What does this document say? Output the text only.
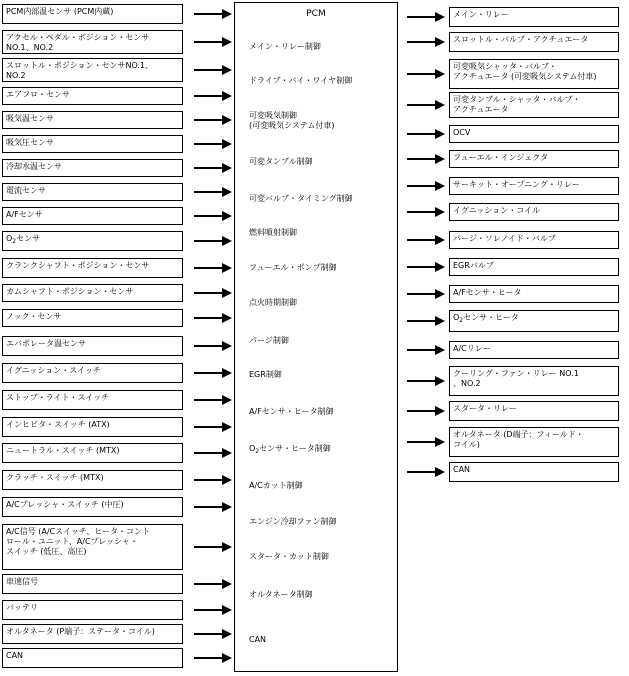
PCM内部温センサ (PCM内蔵)
アクセル・ペダル・ポジション・センサ
NO.1、NO.2
スロットル・ポジション・センサNO.1、
NO.2
エアフロ・センサ
吸気温センサ
吸気圧センサ
冷却水温センサ
電流センサ
A/Fセンサ
$O_2$センサ
クランクシャフト・ポジション・センサ
カムシャフト・ポジション・センサ
ノック・センサ
エバポレータ温センサ
イグニッション・スイッチ
ストップ・ライト・スイッチ
インヒビタ・スイッチ (ATX)
ニュートラル・スイッチ (MTX)
クラッチ・スイッチ (MTX)
A/Cプレッシャ・スイッチ (中圧)
A/C信号 (A/Cスイッチ、ヒータ・コント
ロール・ユニット、A/Cプレッシャ・
スイッチ (低圧、高圧)
車速信号
バッテリ
オルタネータ (P端子：ステータ・コイル)
CAN
PCM
メイン・リレー制御
ドライブ・バイ・ワイヤ制御
可変吸気制御
(可変吸気システム付車)
可変タンブル制御
可変バルブ・タイミング制御
燃料噴射制御
フューエル・ポンプ制御
点火時期制御
パージ制御
EGR制御
A/Fセンサ・ヒータ制御
$O_2$センサ・ヒータ制御
A/Cカット制御
エンジン冷却ファン制御
スタータ・カット制御
オルタネータ制御
CAN
メイン・リレー
スロットル・バルブ・アクチュエータ
可変吸気シャッタ・バルブ・
アクチュエータ (可変吸気システム付車)
可変タンブル・シャッタ・バルブ・
アクチュエータ
OCV
フューエル・インジェクタ
サーキット・オープニング・リレー
イグニッション・コイル
パージ・ソレノイド・バルブ
EGRバルブ
A/Fセンサ・ヒータ
$O_2$センサ・ヒータ
A/Cリレー
クーリング・ファン・リレー NO.1
、NO.2
スタータ・リレー
オルタネータ (D端子：フィールド・
コイル)
CAN
